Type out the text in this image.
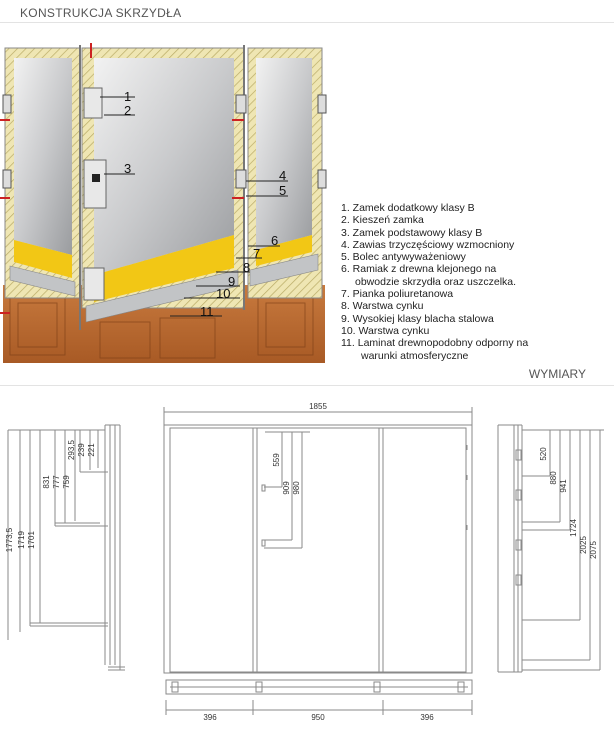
KONSTRUKCJA SKRZYDŁA
1
2
3	4
5
6
7
8
9
10
11
1. Zamek dodatkowy klasy B
2. Kieszeń zamka
3. Zamek podstawowy klasy B
4. Zawias trzyczęściowy wzmocniony
5. Bolec antywyważeniowy
6. Ramiak z drewna klejonego na
obwodzie skrzydła oraz uszczelka.
7. Pianka poliuretanowa
8. Warstwa cynku
9. Wysokiej klasy blacha stalowa
10. Warstwa cynku
11. Laminat drewnopodobny odporny na
warunki atmosferyczne
WYMIARY
1773,5 1719 1701
831 777 759
293,5 239 221
1855
559
909 980
520
880
941
1724
2025 2075
396	950	396
